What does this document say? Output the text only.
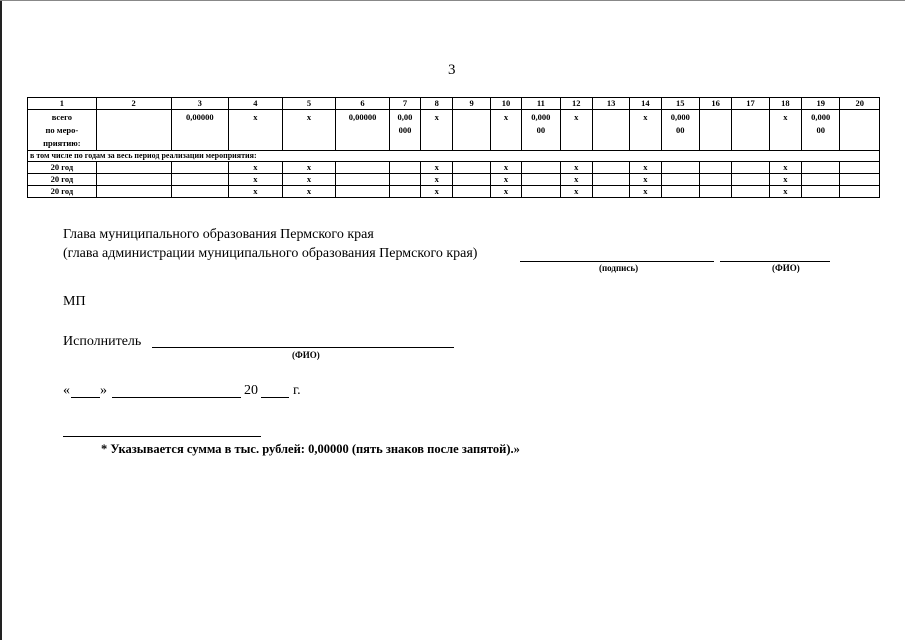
3
1	2	3	4	5	6	7	8	9	10	11	12	13	14	15	16	17	18	19	20

всего
по меро-
приятию:		0,00000	x	x	0,00000	0,00 000	x		x	0,000 00	x		x	0,000 00			x	0,000 00	
в том числе по годам за весь период реализации мероприятия:																			
20 год			x	x			x		x		x		x				x		
20 год			x	x			x		x		x		x				x		
20 год			x	x			x		x		x		x				x		
Глава муниципального образования Пермского края
(глава администрации муниципального образования Пермского края)
(подпись)	(ФИО)
МП
Исполнитель
(ФИО)
« »	20	г.
* Указывается сумма в тыс. рублей: 0,00000 (пять знаков после запятой).»
